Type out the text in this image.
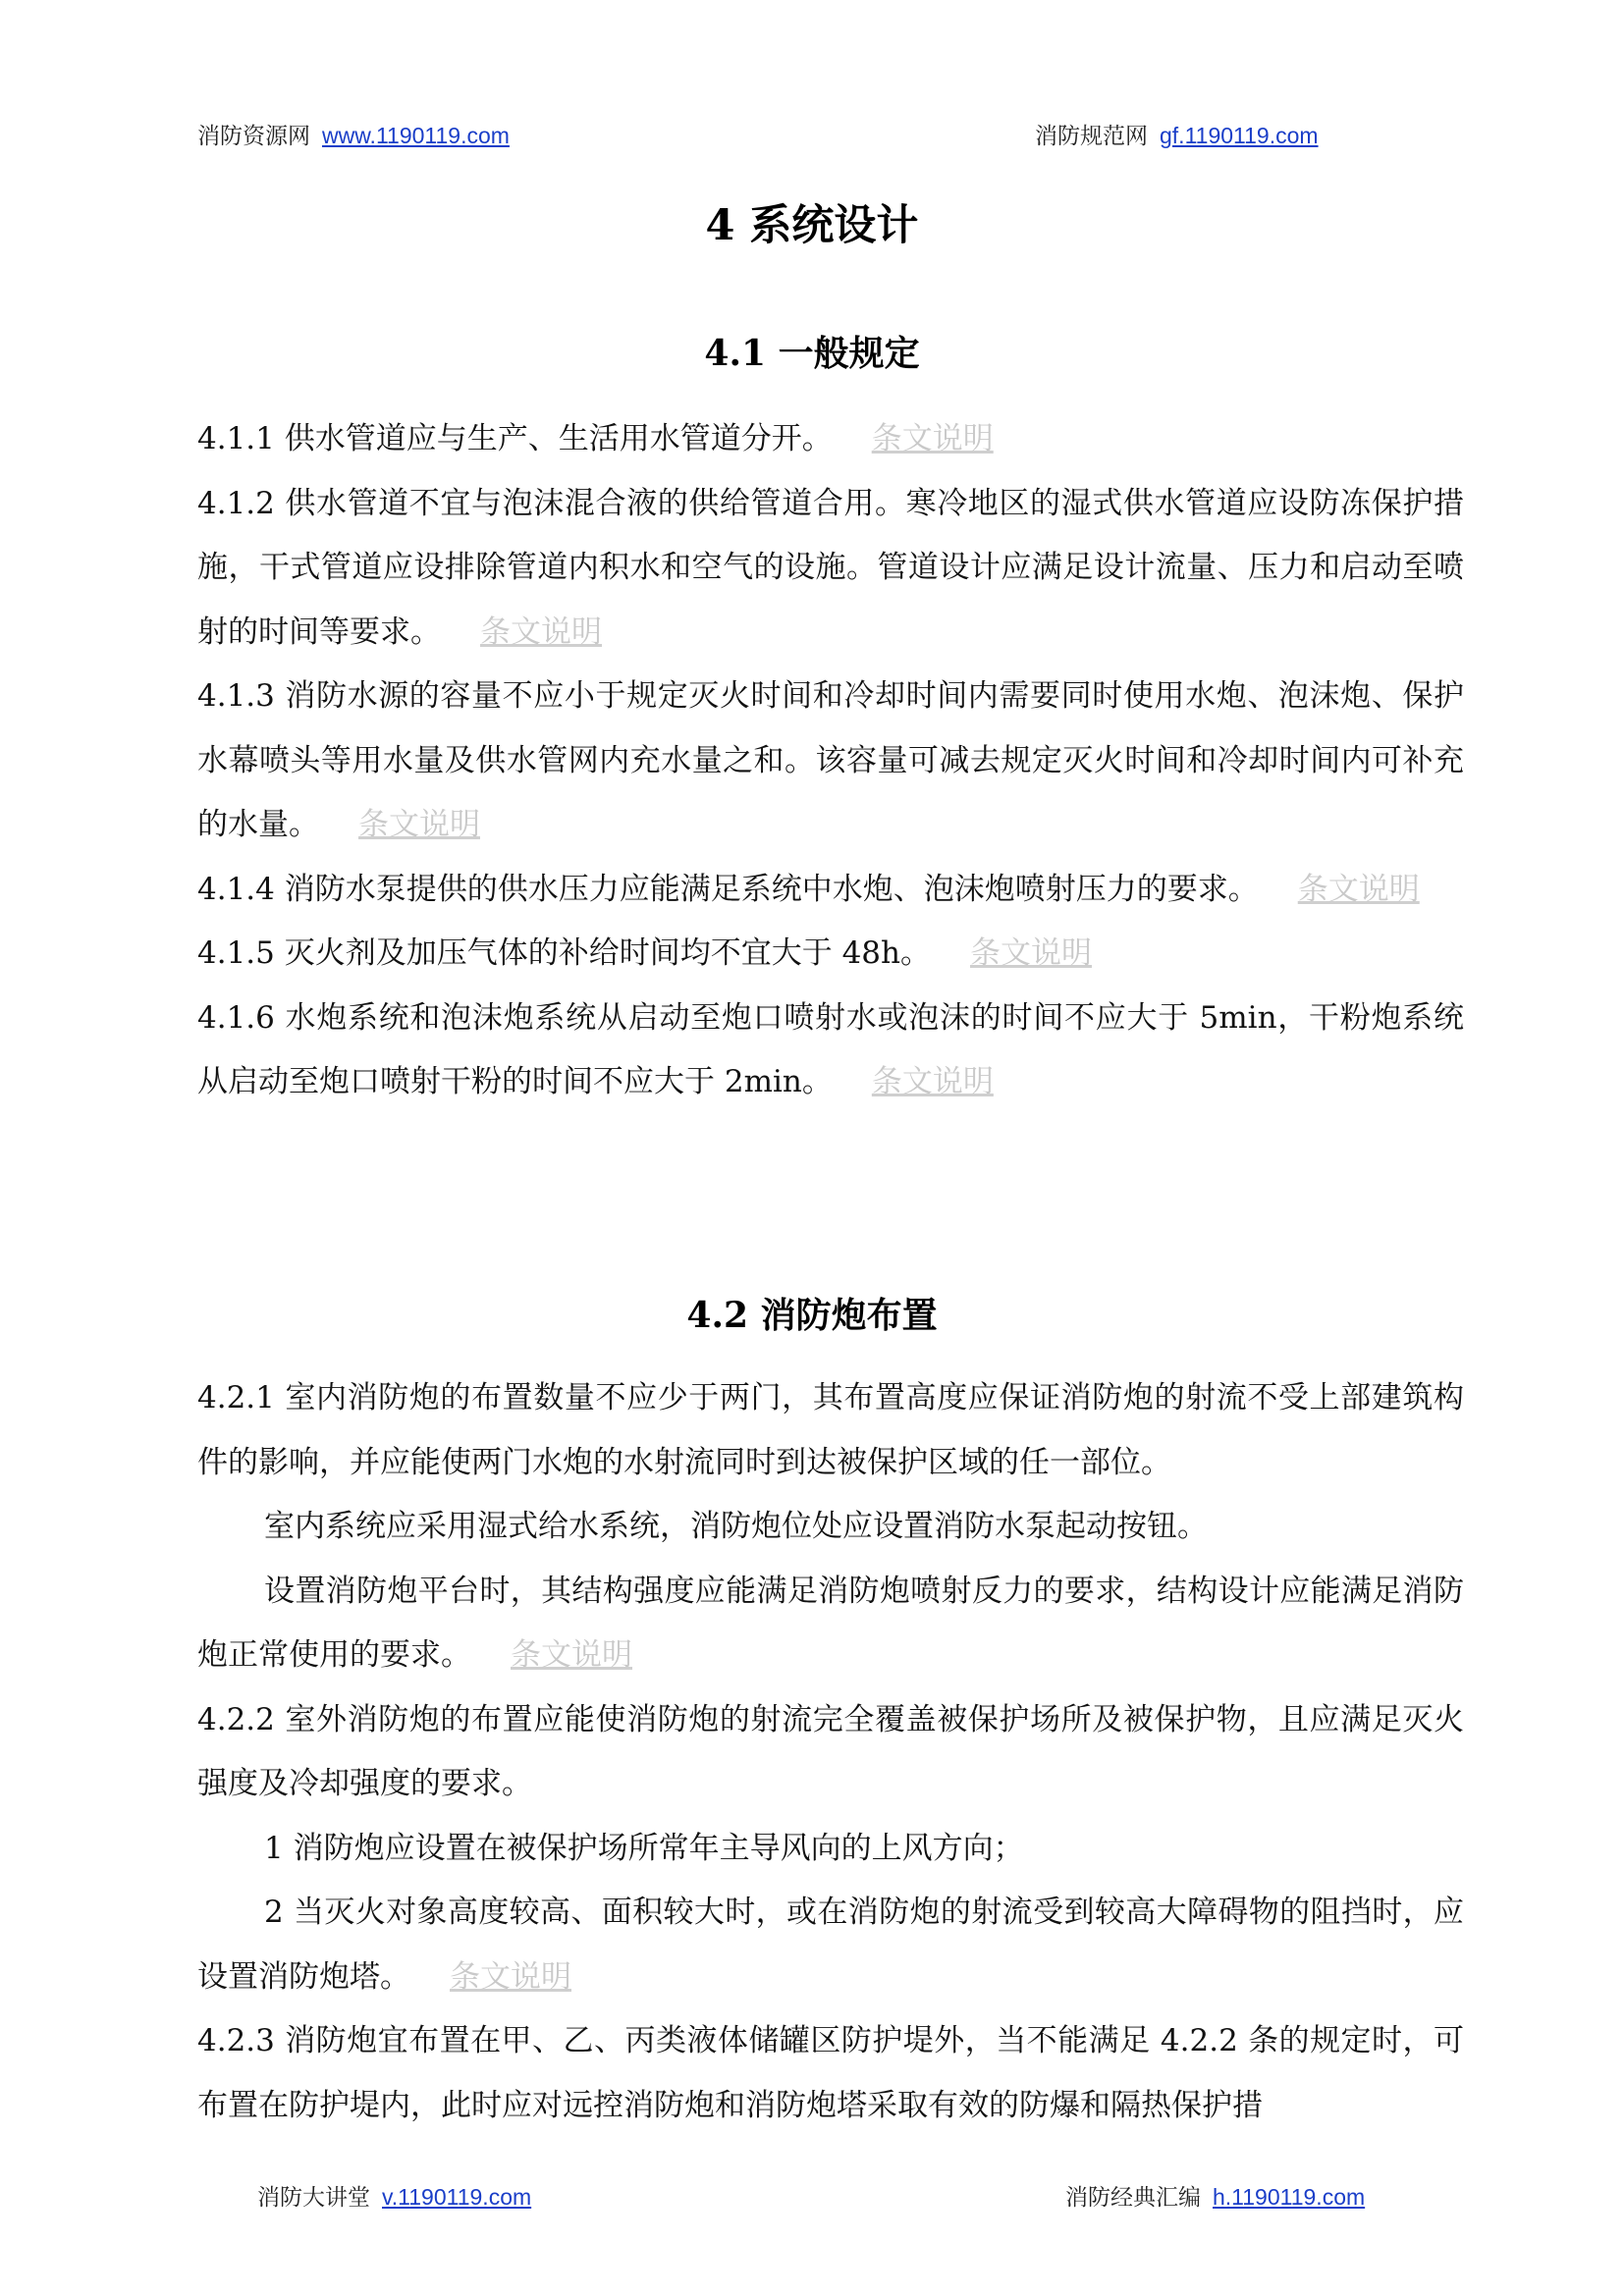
消防资源网 www.1190119.com	消防规范网 gf.1190119.com
4 系统设计
4.1 一般规定

4.1.1 供水管道应与生产、生活用水管道分开。 条文说明

4.1.2 供水管道不宜与泡沫混合液的供给管道合用。寒冷地区的湿式供水管道应设防冻保护措施，干式管道应设排除管道内积水和空气的设施。管道设计应满足设计流量、压力和启动至喷射的时间等要求。 条文说明

4.1.3 消防水源的容量不应小于规定灭火时间和冷却时间内需要同时使用水炮、泡沫炮、保护水幕喷头等用水量及供水管网内充水量之和。该容量可减去规定灭火时间和冷却时间内可补充的水量。 条文说明

4.1.4 消防水泵提供的供水压力应能满足系统中水炮、泡沫炮喷射压力的要求。 条文说明

4.1.5 灭火剂及加压气体的补给时间均不宜大于 48h。 条文说明

4.1.6 水炮系统和泡沫炮系统从启动至炮口喷射水或泡沫的时间不应大于 5min，干粉炮系统从启动至炮口喷射干粉的时间不应大于 2min。 条文说明

4.2 消防炮布置

4.2.1 室内消防炮的布置数量不应少于两门，其布置高度应保证消防炮的射流不受上部建筑构件的影响，并应能使两门水炮的水射流同时到达被保护区域的任一部位。

室内系统应采用湿式给水系统，消防炮位处应设置消防水泵起动按钮。

设置消防炮平台时，其结构强度应能满足消防炮喷射反力的要求，结构设计应能满足消防炮正常使用的要求。 条文说明

4.2.2 室外消防炮的布置应能使消防炮的射流完全覆盖被保护场所及被保护物，且应满足灭火强度及冷却强度的要求。

1 消防炮应设置在被保护场所常年主导风向的上风方向；

2 当灭火对象高度较高、面积较大时，或在消防炮的射流受到较高大障碍物的阻挡时，应设置消防炮塔。 条文说明

4.2.3 消防炮宜布置在甲、乙、丙类液体储罐区防护堤外，当不能满足 4.2.2 条的规定时，可布置在防护堤内，此时应对远控消防炮和消防炮塔采取有效的防爆和隔热保护措

消防大讲堂 v.1190119.com	消防经典汇编 h.1190119.com
